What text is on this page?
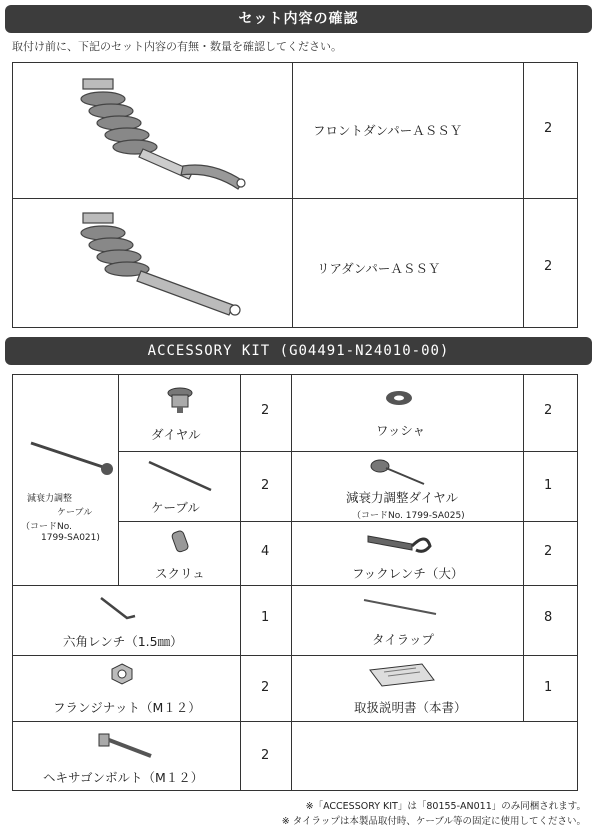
セット内容の確認
取付け前に、下記のセット内容の有無・数量を確認してください。
フロントダンパーＡＳＳＹ	2
リアダンパーＡＳＳＹ	2
ACCESSORY KIT (G04491-N24010-00)
減衰力調整
ケーブル
（コードNo.
1799-SA021)
ダイヤル
2
ワッシャ
2
ケーブル
2
減衰力調整ダイヤル
（コードNo. 1799-SA025)
1
スクリュ
4
フックレンチ（大）
2
六角レンチ（1.5㎜）
1
タイラップ
8
フランジナット（M１２）
2
取扱説明書（本書）
1
ヘキサゴンボルト（M１２）
2
※「ACCESSORY KIT」は「80155-AN011」のみ同梱されます。
※ タイラップは本製品取付時、ケーブル等の固定に使用してください。
